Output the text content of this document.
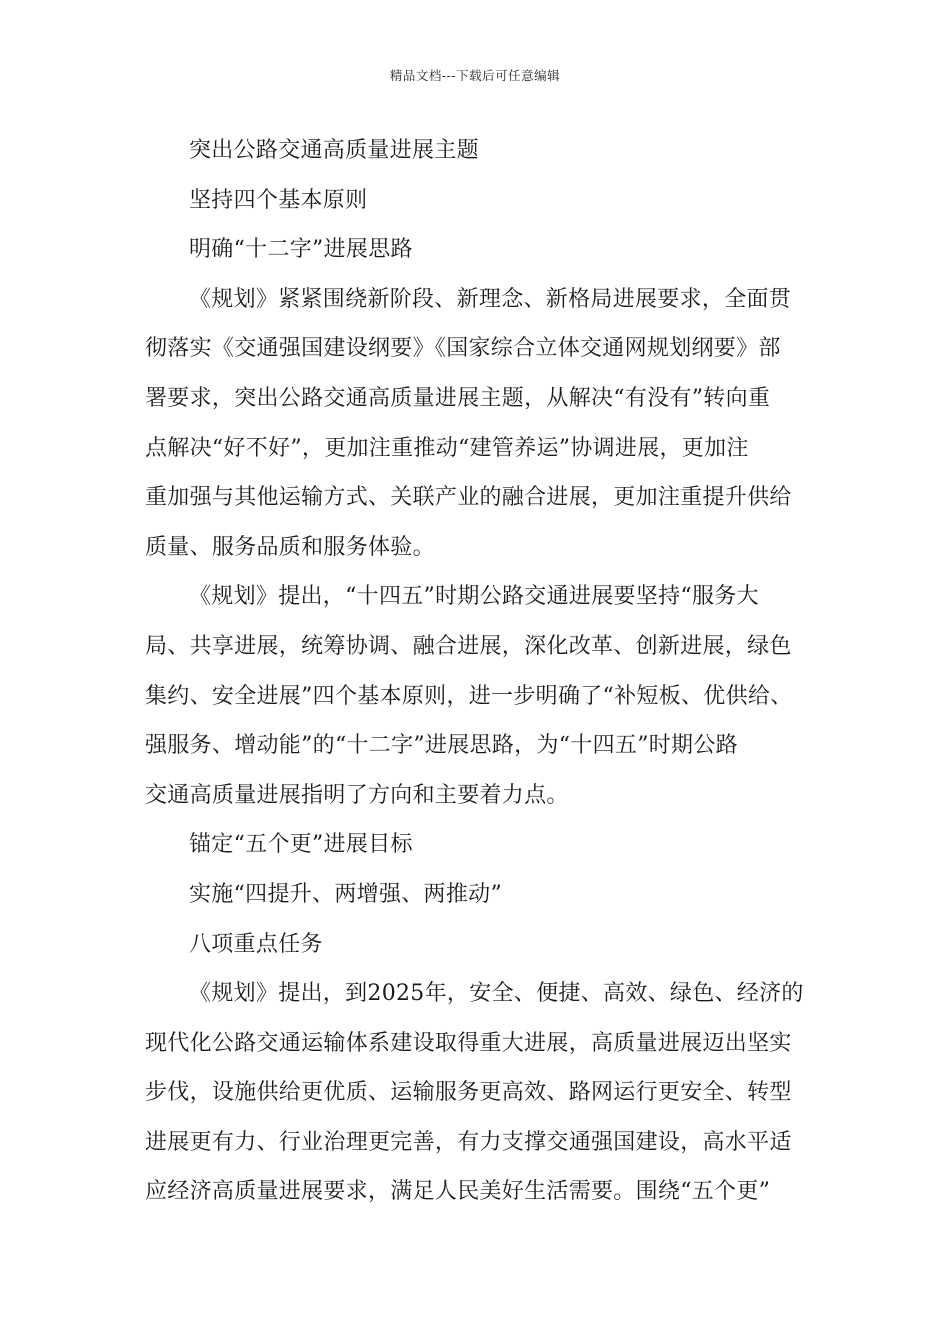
精品文档---下载后可任意编辑
突出公路交通高质量进展主题
坚持四个基本原则
明确“十二字”进展思路
《规划》紧紧围绕新阶段、新理念、新格局进展要求，全面贯
彻落实《交通强国建设纲要》《国家综合立体交通网规划纲要》部
署要求，突出公路交通高质量进展主题，从解决“有没有”转向重
点解决“好不好”，更加注重推动“建管养运”协调进展，更加注
重加强与其他运输方式、关联产业的融合进展，更加注重提升供给
质量、服务品质和服务体验。
《规划》提出，“十四五”时期公路交通进展要坚持“服务大
局、共享进展，统筹协调、融合进展，深化改革、创新进展，绿色
集约、安全进展”四个基本原则，进一步明确了“补短板、优供给、
强服务、增动能”的“十二字”进展思路，为“十四五”时期公路
交通高质量进展指明了方向和主要着力点。
锚定“五个更”进展目标
实施“四提升、两增强、两推动”
八项重点任务
《规划》提出，到2025年，安全、便捷、高效、绿色、经济的
现代化公路交通运输体系建设取得重大进展，高质量进展迈出坚实
步伐，设施供给更优质、运输服务更高效、路网运行更安全、转型
进展更有力、行业治理更完善，有力支撑交通强国建设，高水平适
应经济高质量进展要求，满足人民美好生活需要。围绕“五个更”
